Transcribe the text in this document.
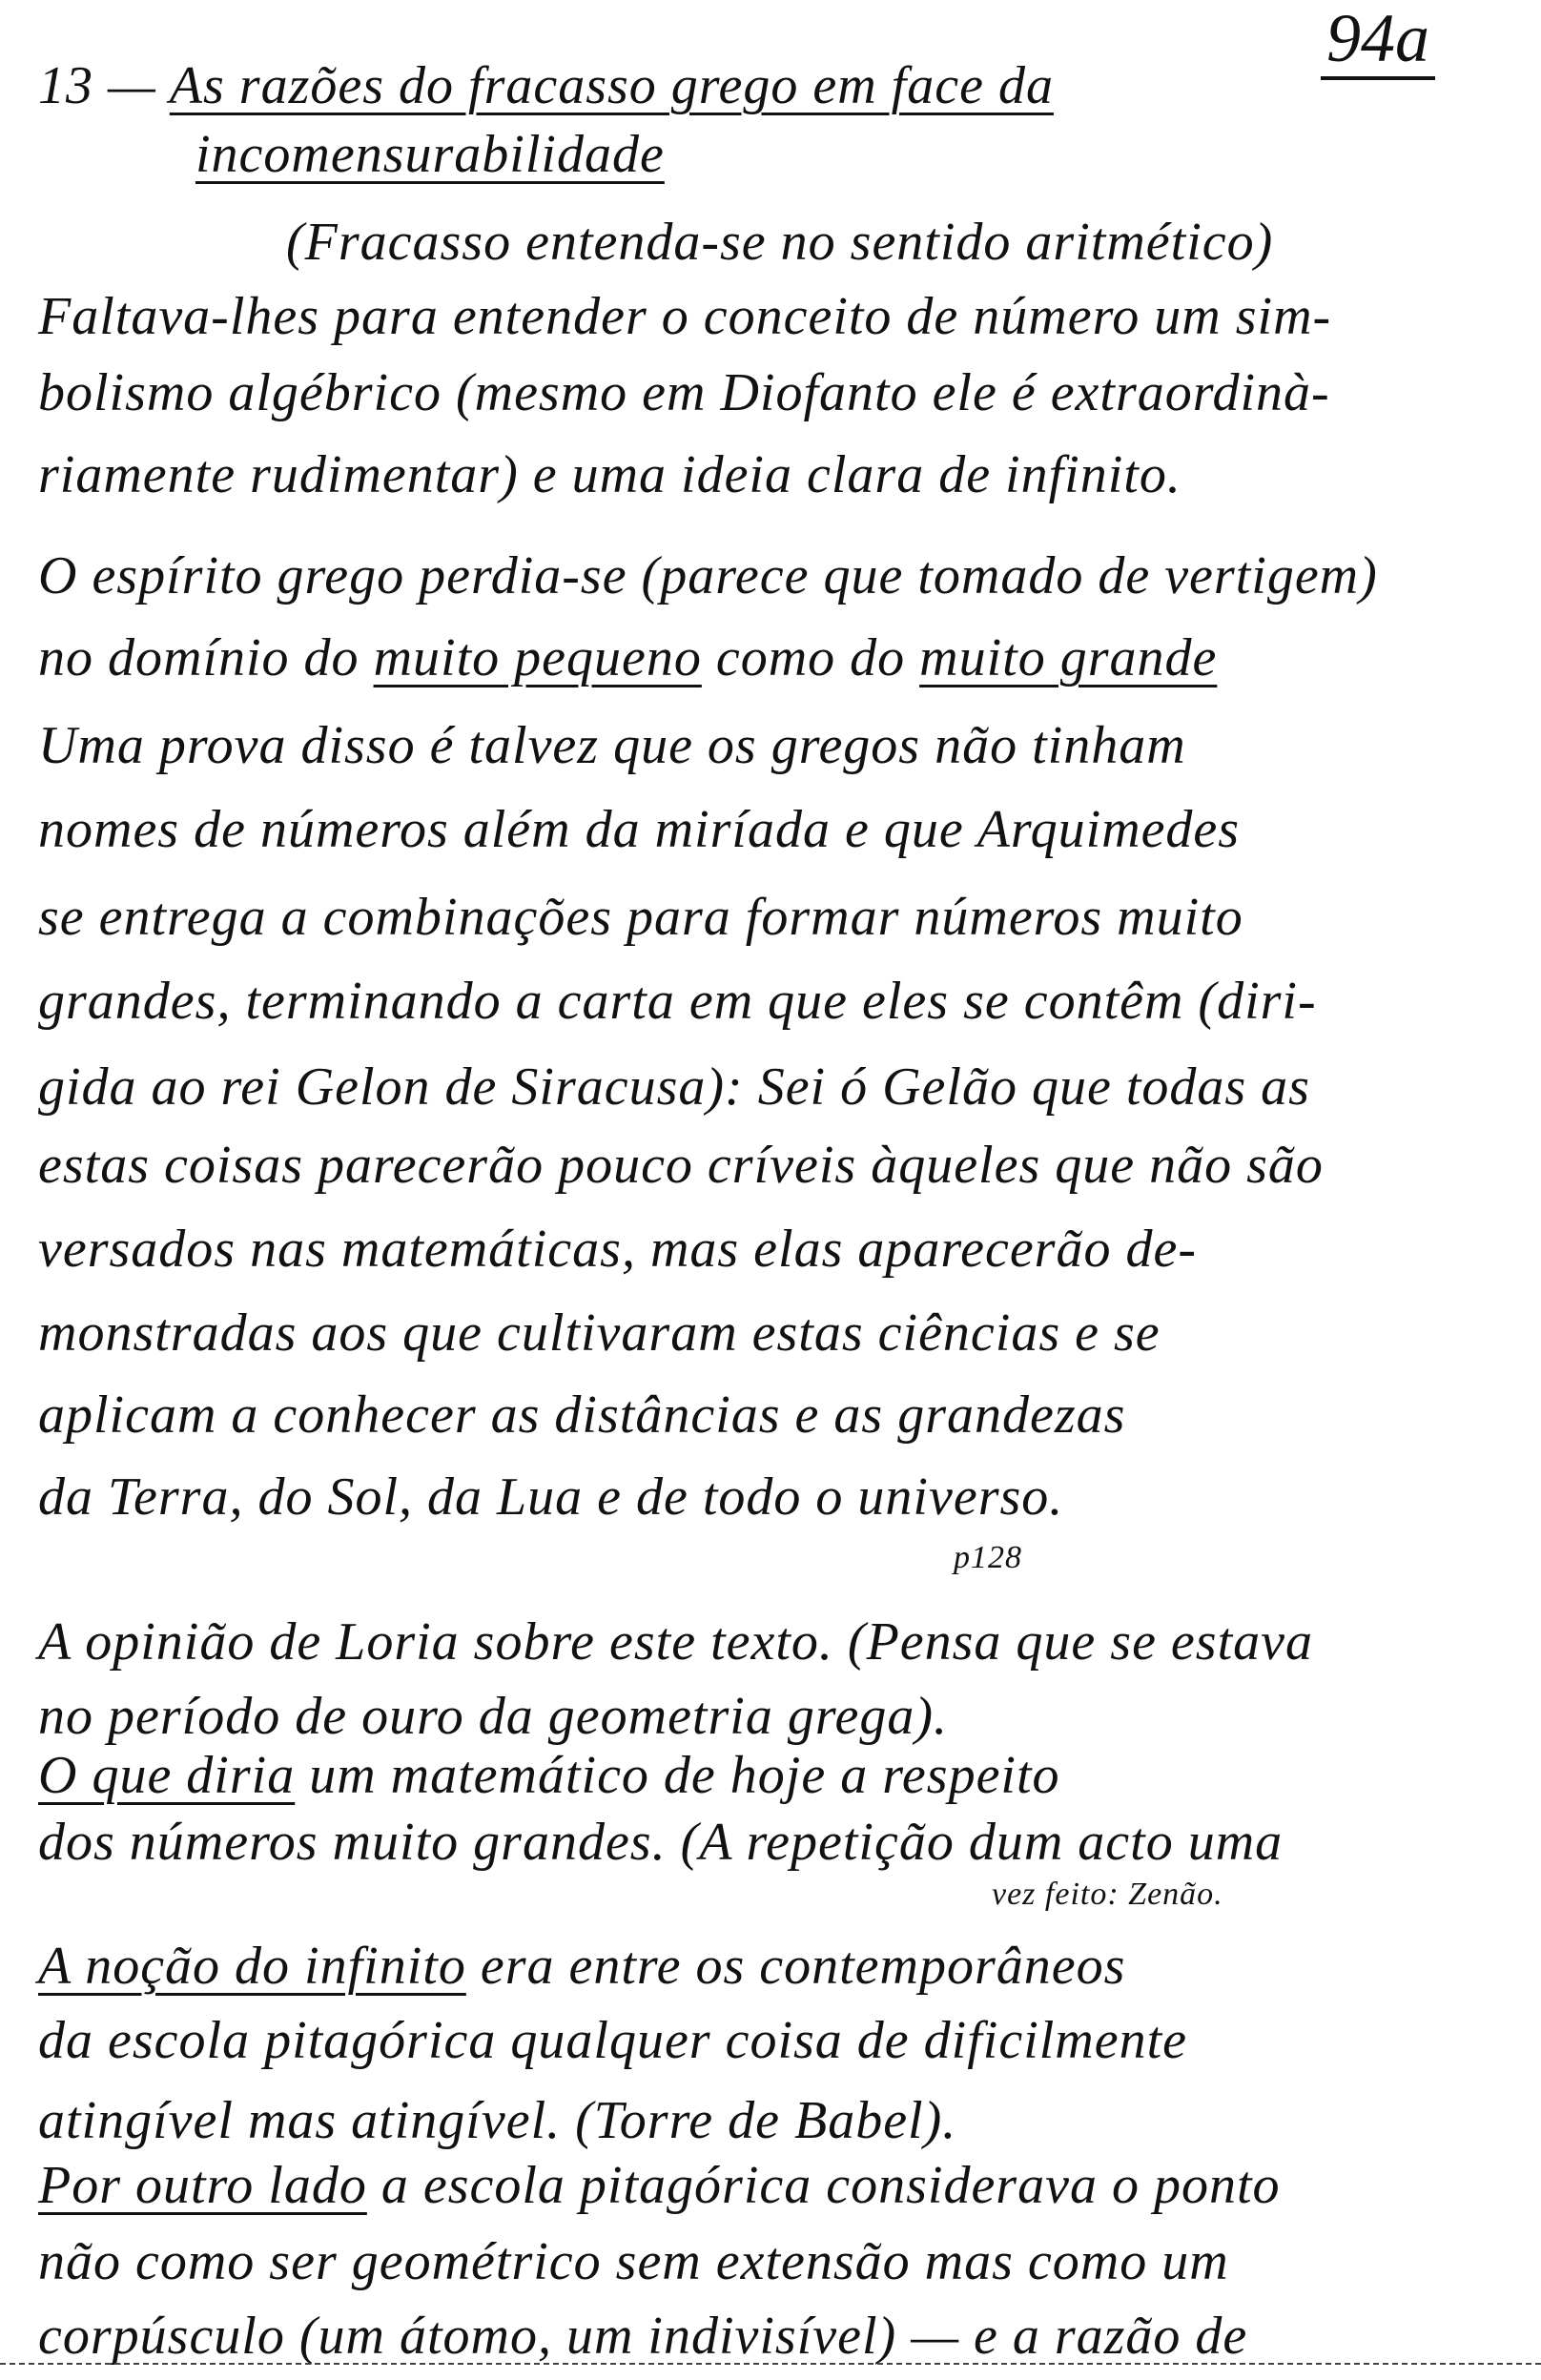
94a
13 — As razões do fracasso grego em face da
incomensurabilidade
(Fracasso entenda-se no sentido aritmético)
Faltava-lhes para entender o conceito de número um sim-
bolismo algébrico (mesmo em Diofanto ele é extraordinà-
riamente rudimentar) e uma ideia clara de infinito.
O espírito grego perdia-se (parece que tomado de vertigem)
no domínio do muito pequeno como do muito grande
Uma prova disso é talvez que os gregos não tinham
nomes de números além da miríada e que Arquimedes
se entrega a combinações para formar números muito
grandes, terminando a carta em que eles se contêm (diri-
gida ao rei Gelon de Siracusa): Sei ó Gelão que todas as
estas coisas parecerão pouco críveis àqueles que não são
versados nas matemáticas, mas elas aparecerão de-
monstradas aos que cultivaram estas ciências e se
aplicam a conhecer as distâncias e as grandezas
da Terra, do Sol, da Lua e de todo o universo.
p128
A opinião de Loria sobre este texto. (Pensa que se estava
no período de ouro da geometria grega).
O que diria um matemático de hoje a respeito
dos números muito grandes. (A repetição dum acto uma
vez feito: Zenão.
A noção do infinito era entre os contemporâneos
da escola pitagórica qualquer coisa de dificilmente
atingível mas atingível. (Torre de Babel).
Por outro lado a escola pitagórica considerava o ponto
não como ser geométrico sem extensão mas como um
corpúsculo (um átomo, um indivisível) — e a razão de
